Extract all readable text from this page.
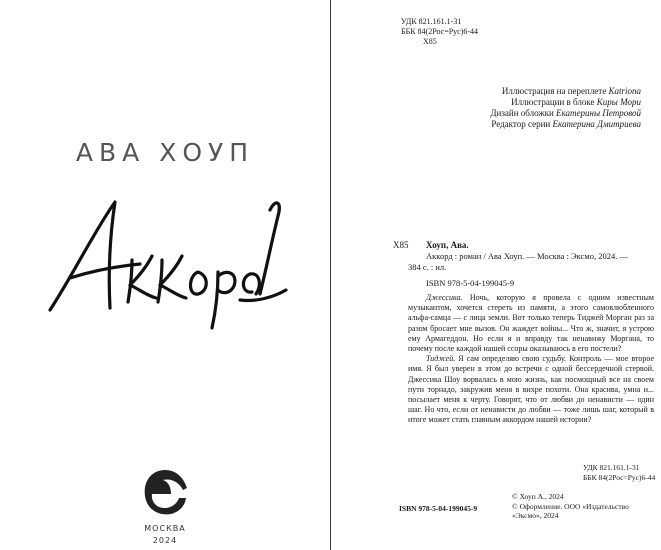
АВА ХОУП
МОСКВА
2024
УДК 821.161.1-31
ББК 84(2Рос=Рус)6-44
Х85
Иллюстрация на переплете Katriona
Иллюстрации в блоке Киры Мори
Дизайн обложки Екатерины Петровой
Редактор серии Екатерина Дмитриева
Х85 Хоуп, Ава.
Аккорд : роман / Ава Хоуп. — Москва : Эксмо, 2024. —
384 с. : ил.
ISBN 978-5-04-199045-9

Джессика. Ночь, которую я провела с одним известным музыкантом, хочется стереть из памяти, а этого самовлюбленного альфа-самца — с лица земли. Вот только теперь Тиджей Морган раз за разом бросает мне вызов. Он жаждет войны... Что ж, значит, я устрою ему Армагеддон. Но если я и вправду так ненавижу Моргана, то почему после каждой нашей ссоры оказываюсь в его постели?

Тиджей. Я сам определяю свою судьбу. Контроль — мое второе имя. Я был уверен в этом до встречи с одной бессердечной стервой. Джессика Шоу ворвалась в мою жизнь, как посмощный все на своем пути торнадо, закружив меня в вихре похоти. Она красива, умна и... посылает меня к черту. Говорят, что от любви до ненависти — один шаг. Но что, если от ненависти до любви — тоже лишь шаг, который в итоге может стать главным аккордом нашей истории?

УДК 821.161.1-31
ББК 84(2Рос=Рус)6-44
© Хоуп А., 2024
© Оформление. ООО «Издательство «Эксмо», 2024
ISBN 978-5-04-199045-9
